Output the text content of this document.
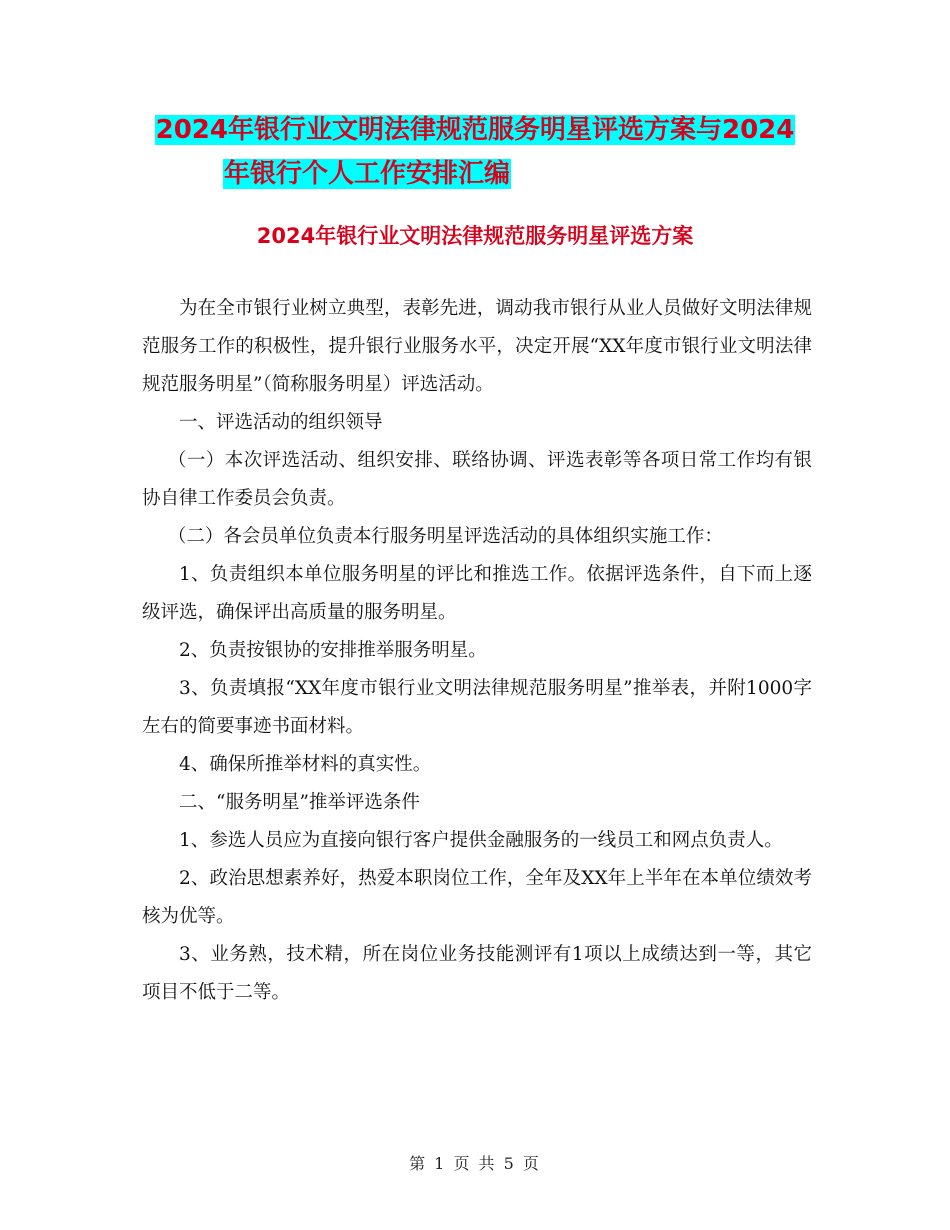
2024年银行业文明法律规范服务明星评选方案与2024
年银行个人工作安排汇编
2024年银行业文明法律规范服务明星评选方案

为在全市银行业树立典型，表彰先进，调动我市银行从业人员做好文明法律规范服务工作的积极性，提升银行业服务水平，决定开展“XX年度市银行业文明法律规范服务明星”（简称服务明星）评选活动。

一、评选活动的组织领导

（一）本次评选活动、组织安排、联络协调、评选表彰等各项日常工作均有银协自律工作委员会负责。

（二）各会员单位负责本行服务明星评选活动的具体组织实施工作：

1、负责组织本单位服务明星的评比和推选工作。依据评选条件，自下而上逐级评选，确保评出高质量的服务明星。

2、负责按银协的安排推举服务明星。

3、负责填报“XX年度市银行业文明法律规范服务明星”推举表，并附1000字左右的简要事迹书面材料。

4、确保所推举材料的真实性。

二、“服务明星”推举评选条件

1、参选人员应为直接向银行客户提供金融服务的一线员工和网点负责人。

2、政治思想素养好，热爱本职岗位工作，全年及XX年上半年在本单位绩效考核为优等。

3、业务熟，技术精，所在岗位业务技能测评有1项以上成绩达到一等，其它项目不低于二等。

第 1 页 共 5 页
